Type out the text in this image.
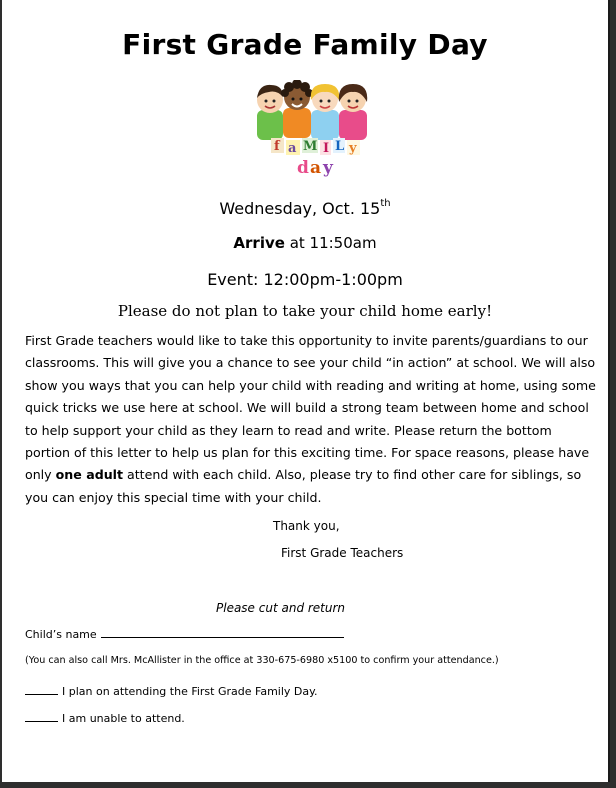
First Grade Family Day
f a M I L y
d a y
Wednesday, Oct. 15th
Arrive at 11:50am
Event: 12:00pm-1:00pm
Please do not plan to take your child home early!
First Grade teachers would like to take this opportunity to invite parents/guardians to our classrooms. This will give you a chance to see your child “in action” at school. We will also show you ways that you can help your child with reading and writing at home, using some quick tricks we use here at school. We will build a strong team between home and school to help support your child as they learn to read and write. Please return the bottom portion of this letter to help us plan for this exciting time. For space reasons, please have only one adult attend with each child. Also, please try to find other care for siblings, so you can enjoy this special time with your child.
Thank you,
First Grade Teachers
Please cut and return
Child’s name
(You can also call Mrs. McAllister in the office at 330-675-6980 x5100 to confirm your attendance.)
I plan on attending the First Grade Family Day.
I am unable to attend.
